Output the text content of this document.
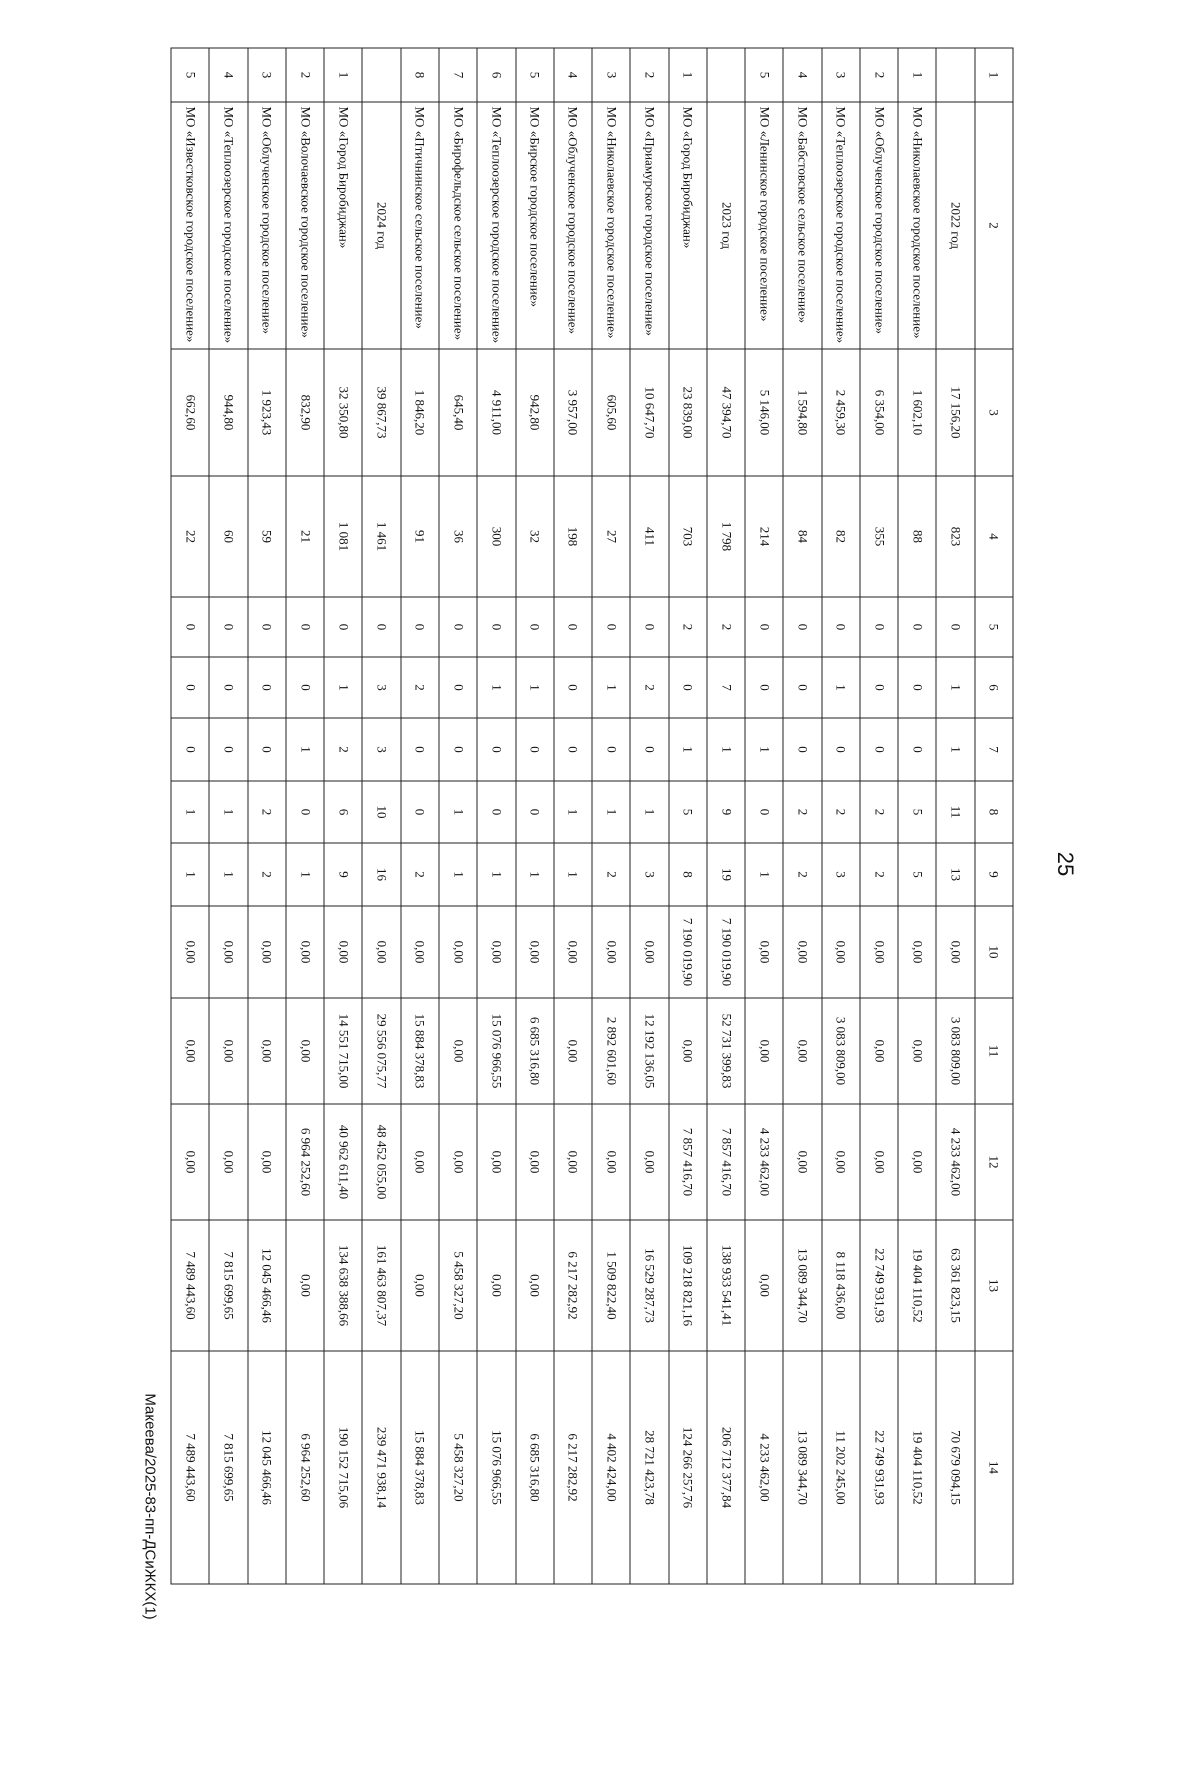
25
1	2	3	4	5	6	7	8	9	10	11	12	13	14
	2022 год	17 156,20	823	0	1	1	11	13	0,00	3 083 809,00	4 233 462,00	63 361 823,15	70 679 094,15
1	МО «Николаевское городское поселение»	1 602,10	88	0	0	0	5	5	0,00	0,00	0,00	19 404 110,52	19 404 110,52
2	МО «Облученское городское поселение»	6 354,00	355	0	0	0	2	2	0,00	0,00	0,00	22 749 931,93	22 749 931,93
3	МО «Теплоозерское городское поселение»	2 459,30	82	0	1	0	2	3	0,00	3 083 809,00	0,00	8 118 436,00	11 202 245,00
4	МО «Бабстовское сельское поселение»	1 594,80	84	0	0	0	2	2	0,00	0,00	0,00	13 089 344,70	13 089 344,70
5	МО «Ленинское городское поселение»	5 146,00	214	0	0	1	0	1	0,00	0,00	4 233 462,00	0,00	4 233 462,00
	2023 год	47 394,70	1 798	2	7	1	9	19	7 190 019,90	52 731 399,83	7 857 416,70	138 933 541,41	206 712 377,84
1	МО «Город Биробиджан»	23 839,00	703	2	0	1	5	8	7 190 019,90	0,00	7 857 416,70	109 218 821,16	124 266 257,76
2	МО «Приамурское городское поселение»	10 647,70	411	0	2	0	1	3	0,00	12 192 136,05	0,00	16 529 287,73	28 721 423,78
3	МО «Николаевское городское поселение»	605,60	27	0	1	0	1	2	0,00	2 892 601,60	0,00	1 509 822,40	4 402 424,00
4	МО «Облученское городское поселение»	3 957,00	198	0	0	0	1	1	0,00	0,00	0,00	6 217 282,92	6 217 282,92
5	МО «Бирское городское поселение»	942,80	32	0	1	0	0	1	0,00	6 685 316,80	0,00	0,00	6 685 316,80
6	МО «Теплоозерское городское поселение»	4 911,00	300	0	1	0	0	1	0,00	15 076 966,55	0,00	0,00	15 076 966,55
7	МО «Бирофельдское сельское поселение»	645,40	36	0	0	0	1	1	0,00	0,00	0,00	5 458 327,20	5 458 327,20
8	МО «Птичнинское сельское поселение»	1 846,20	91	0	2	0	0	2	0,00	15 884 378,83	0,00	0,00	15 884 378,83
	2024 год	39 867,73	1 461	0	3	3	10	16	0,00	29 556 075,77	48 452 055,00	161 463 807,37	239 471 938,14
1	МО «Город Биробиджан»	32 350,80	1 081	0	1	2	6	9	0,00	14 551 715,00	40 962 611,40	134 638 388,66	190 152 715,06
2	МО «Волочаевское городское поселение»	832,90	21	0	0	1	0	1	0,00	0,00	6 964 252,60	0,00	6 964 252,60
3	МО «Облученское городское поселение»	1 923,43	59	0	0	0	2	2	0,00	0,00	0,00	12 045 466,46	12 045 466,46
4	МО «Теплоозерское городское поселение»	944,80	60	0	0	0	1	1	0,00	0,00	0,00	7 815 699,65	7 815 699,65
5	МО «Известковское городское поселение»	662,60	22	0	0	0	1	1	0,00	0,00	0,00	7 489 443,60	7 489 443,60
Макеева/2025-83-пп-ДСиЖКХ(1)
